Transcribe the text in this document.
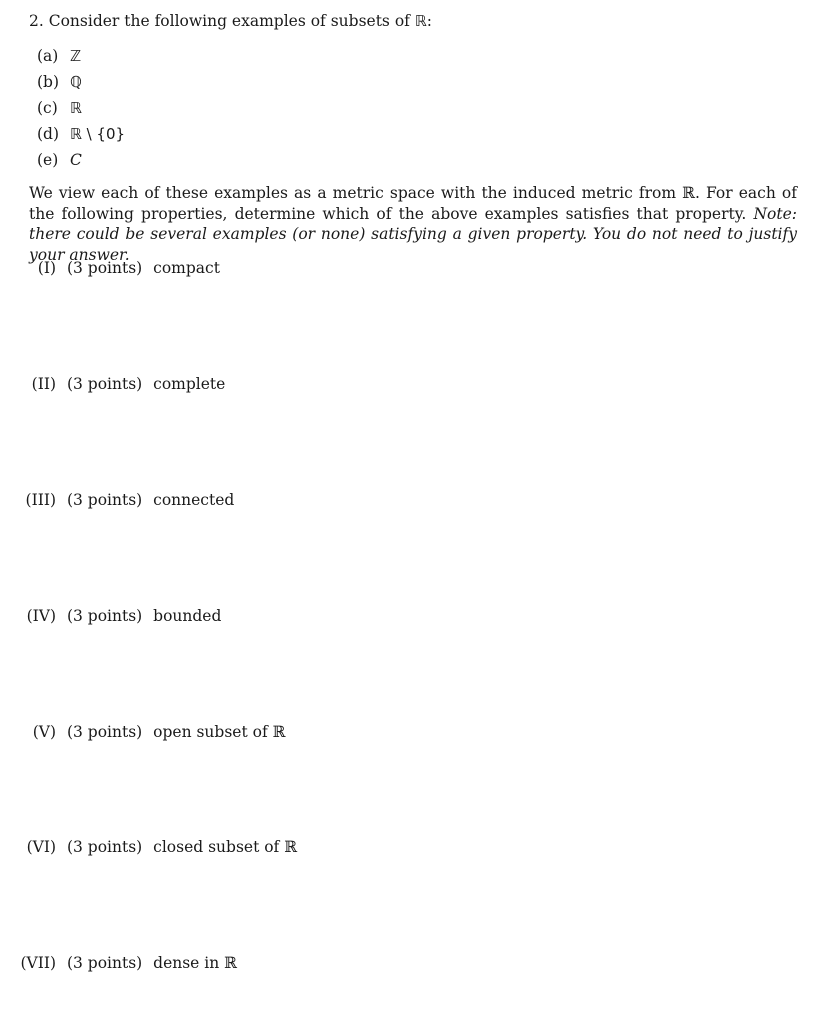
2. Consider the following examples of subsets of ℝ:
(a) ℤ
(b) ℚ
(c) ℝ
(d) ℝ \ {0}
(e) C
We view each of these examples as a metric space with the induced metric from ℝ. For each of the following properties, determine which of the above examples satisfies that property. Note: there could be several examples (or none) satisfying a given property. You do not need to justify your answer.
(I) (3 points) compact
(II) (3 points) complete
(III) (3 points) connected
(IV) (3 points) bounded
(V) (3 points) open subset of ℝ
(VI) (3 points) closed subset of ℝ
(VII) (3 points) dense in ℝ
